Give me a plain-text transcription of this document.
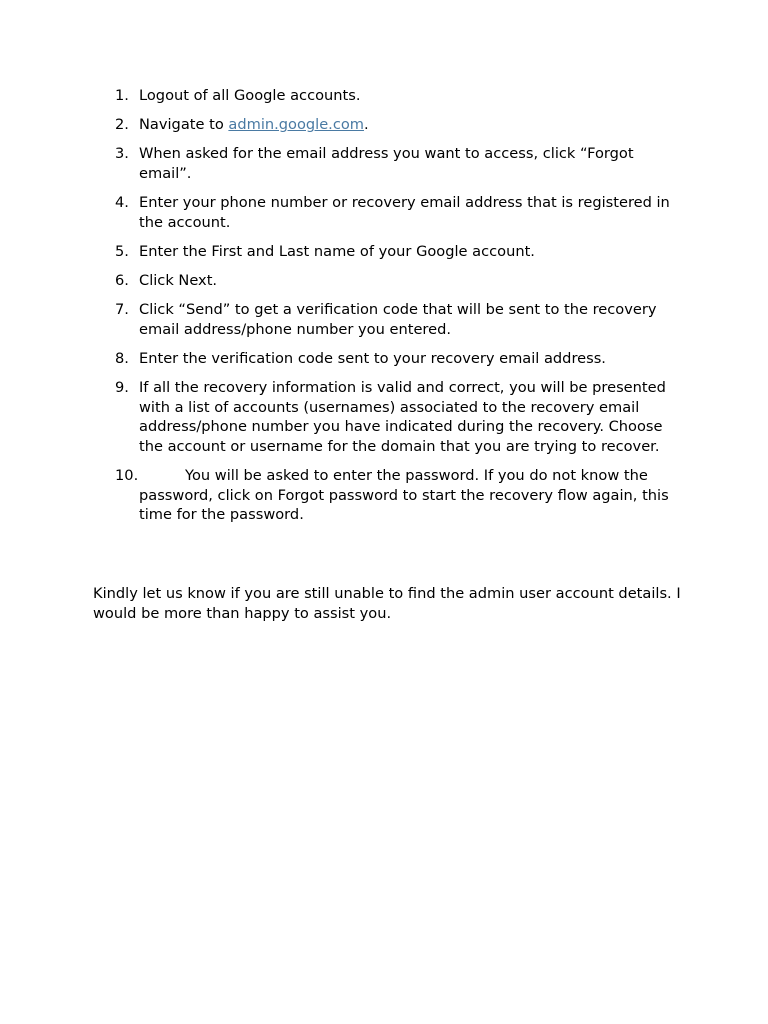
1. Logout of all Google accounts.
2. Navigate to admin.google.com.
3. When asked for the email address you want to access, click “Forgot email”.
4. Enter your phone number or recovery email address that is registered in the account.
5. Enter the First and Last name of your Google account.
6. Click Next.
7. Click “Send” to get a verification code that will be sent to the recovery email address/phone number you entered.
8. Enter the verification code sent to your recovery email address.
9. If all the recovery information is valid and correct, you will be presented with a list of accounts (usernames) associated to the recovery email address/phone number you have indicated during the recovery. Choose the account or username for the domain that you are trying to recover.
10.	You will be asked to enter the password. If you do not know the password, click on Forgot password to start the recovery flow again, this time for the password.

Kindly let us know if you are still unable to find the admin user account details. I would be more than happy to assist you.
